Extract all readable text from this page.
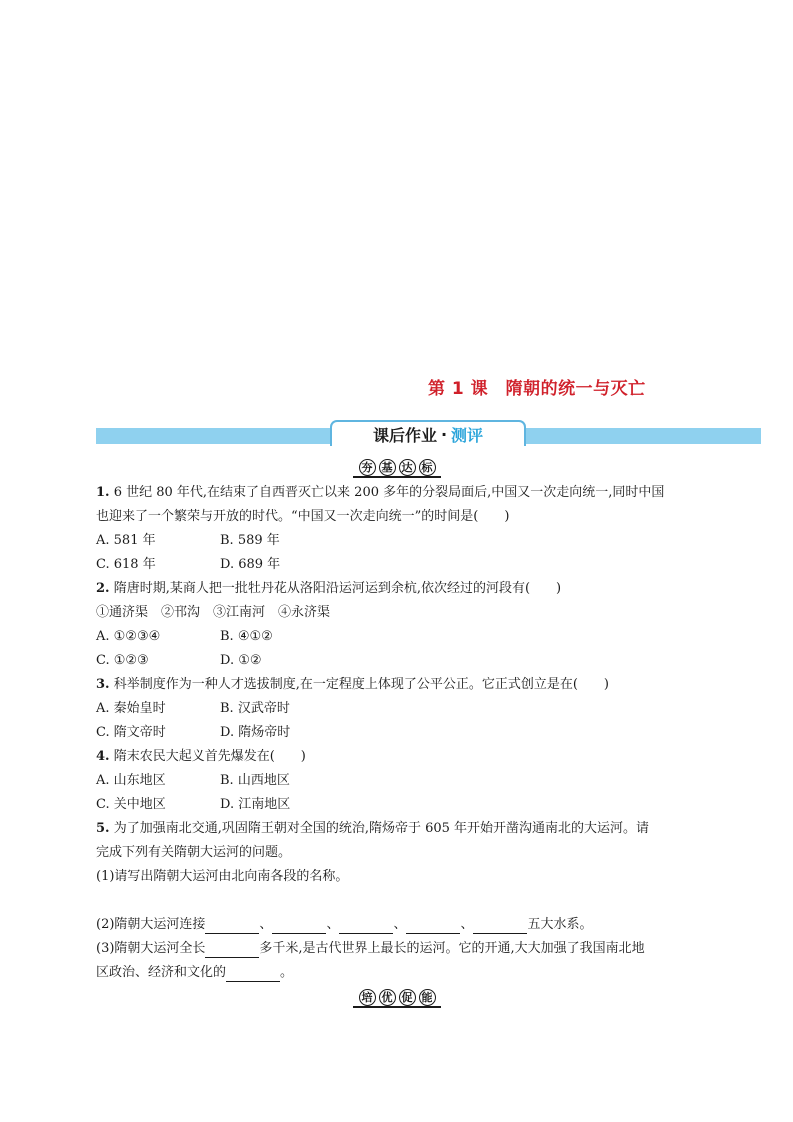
第 1 课　隋朝的统一与灭亡
课后作业 · 测评
夯 基 达 标
1. 6 世纪 80 年代,在结束了自西晋灭亡以来 200 多年的分裂局面后,中国又一次走向统一,同时中国
也迎来了一个繁荣与开放的时代。“中国又一次走向统一”的时间是(　　)
A. 581 年	B. 589 年
C. 618 年	D. 689 年
2. 隋唐时期,某商人把一批牡丹花从洛阳沿运河运到余杭,依次经过的河段有(　　)
①通济渠　②邗沟　③江南河　④永济渠
A. ①②③④	B. ④①②
C. ①②③	D. ①②
3. 科举制度作为一种人才选拔制度,在一定程度上体现了公平公正。它正式创立是在(　　)
A. 秦始皇时	B. 汉武帝时
C. 隋文帝时	D. 隋炀帝时
4. 隋末农民大起义首先爆发在(　　)
A. 山东地区	B. 山西地区
C. 关中地区	D. 江南地区
5. 为了加强南北交通,巩固隋王朝对全国的统治,隋炀帝于 605 年开始开凿沟通南北的大运河。请
完成下列有关隋朝大运河的问题。
(1)请写出隋朝大运河由北向南各段的名称。
(2)隋朝大运河连接	、	、	、	、	五大水系。
(3)隋朝大运河全长	多千米,是古代世界上最长的运河。它的开通,大大加强了我国南北地
区政治、经济和文化的	。
培 优 促 能
